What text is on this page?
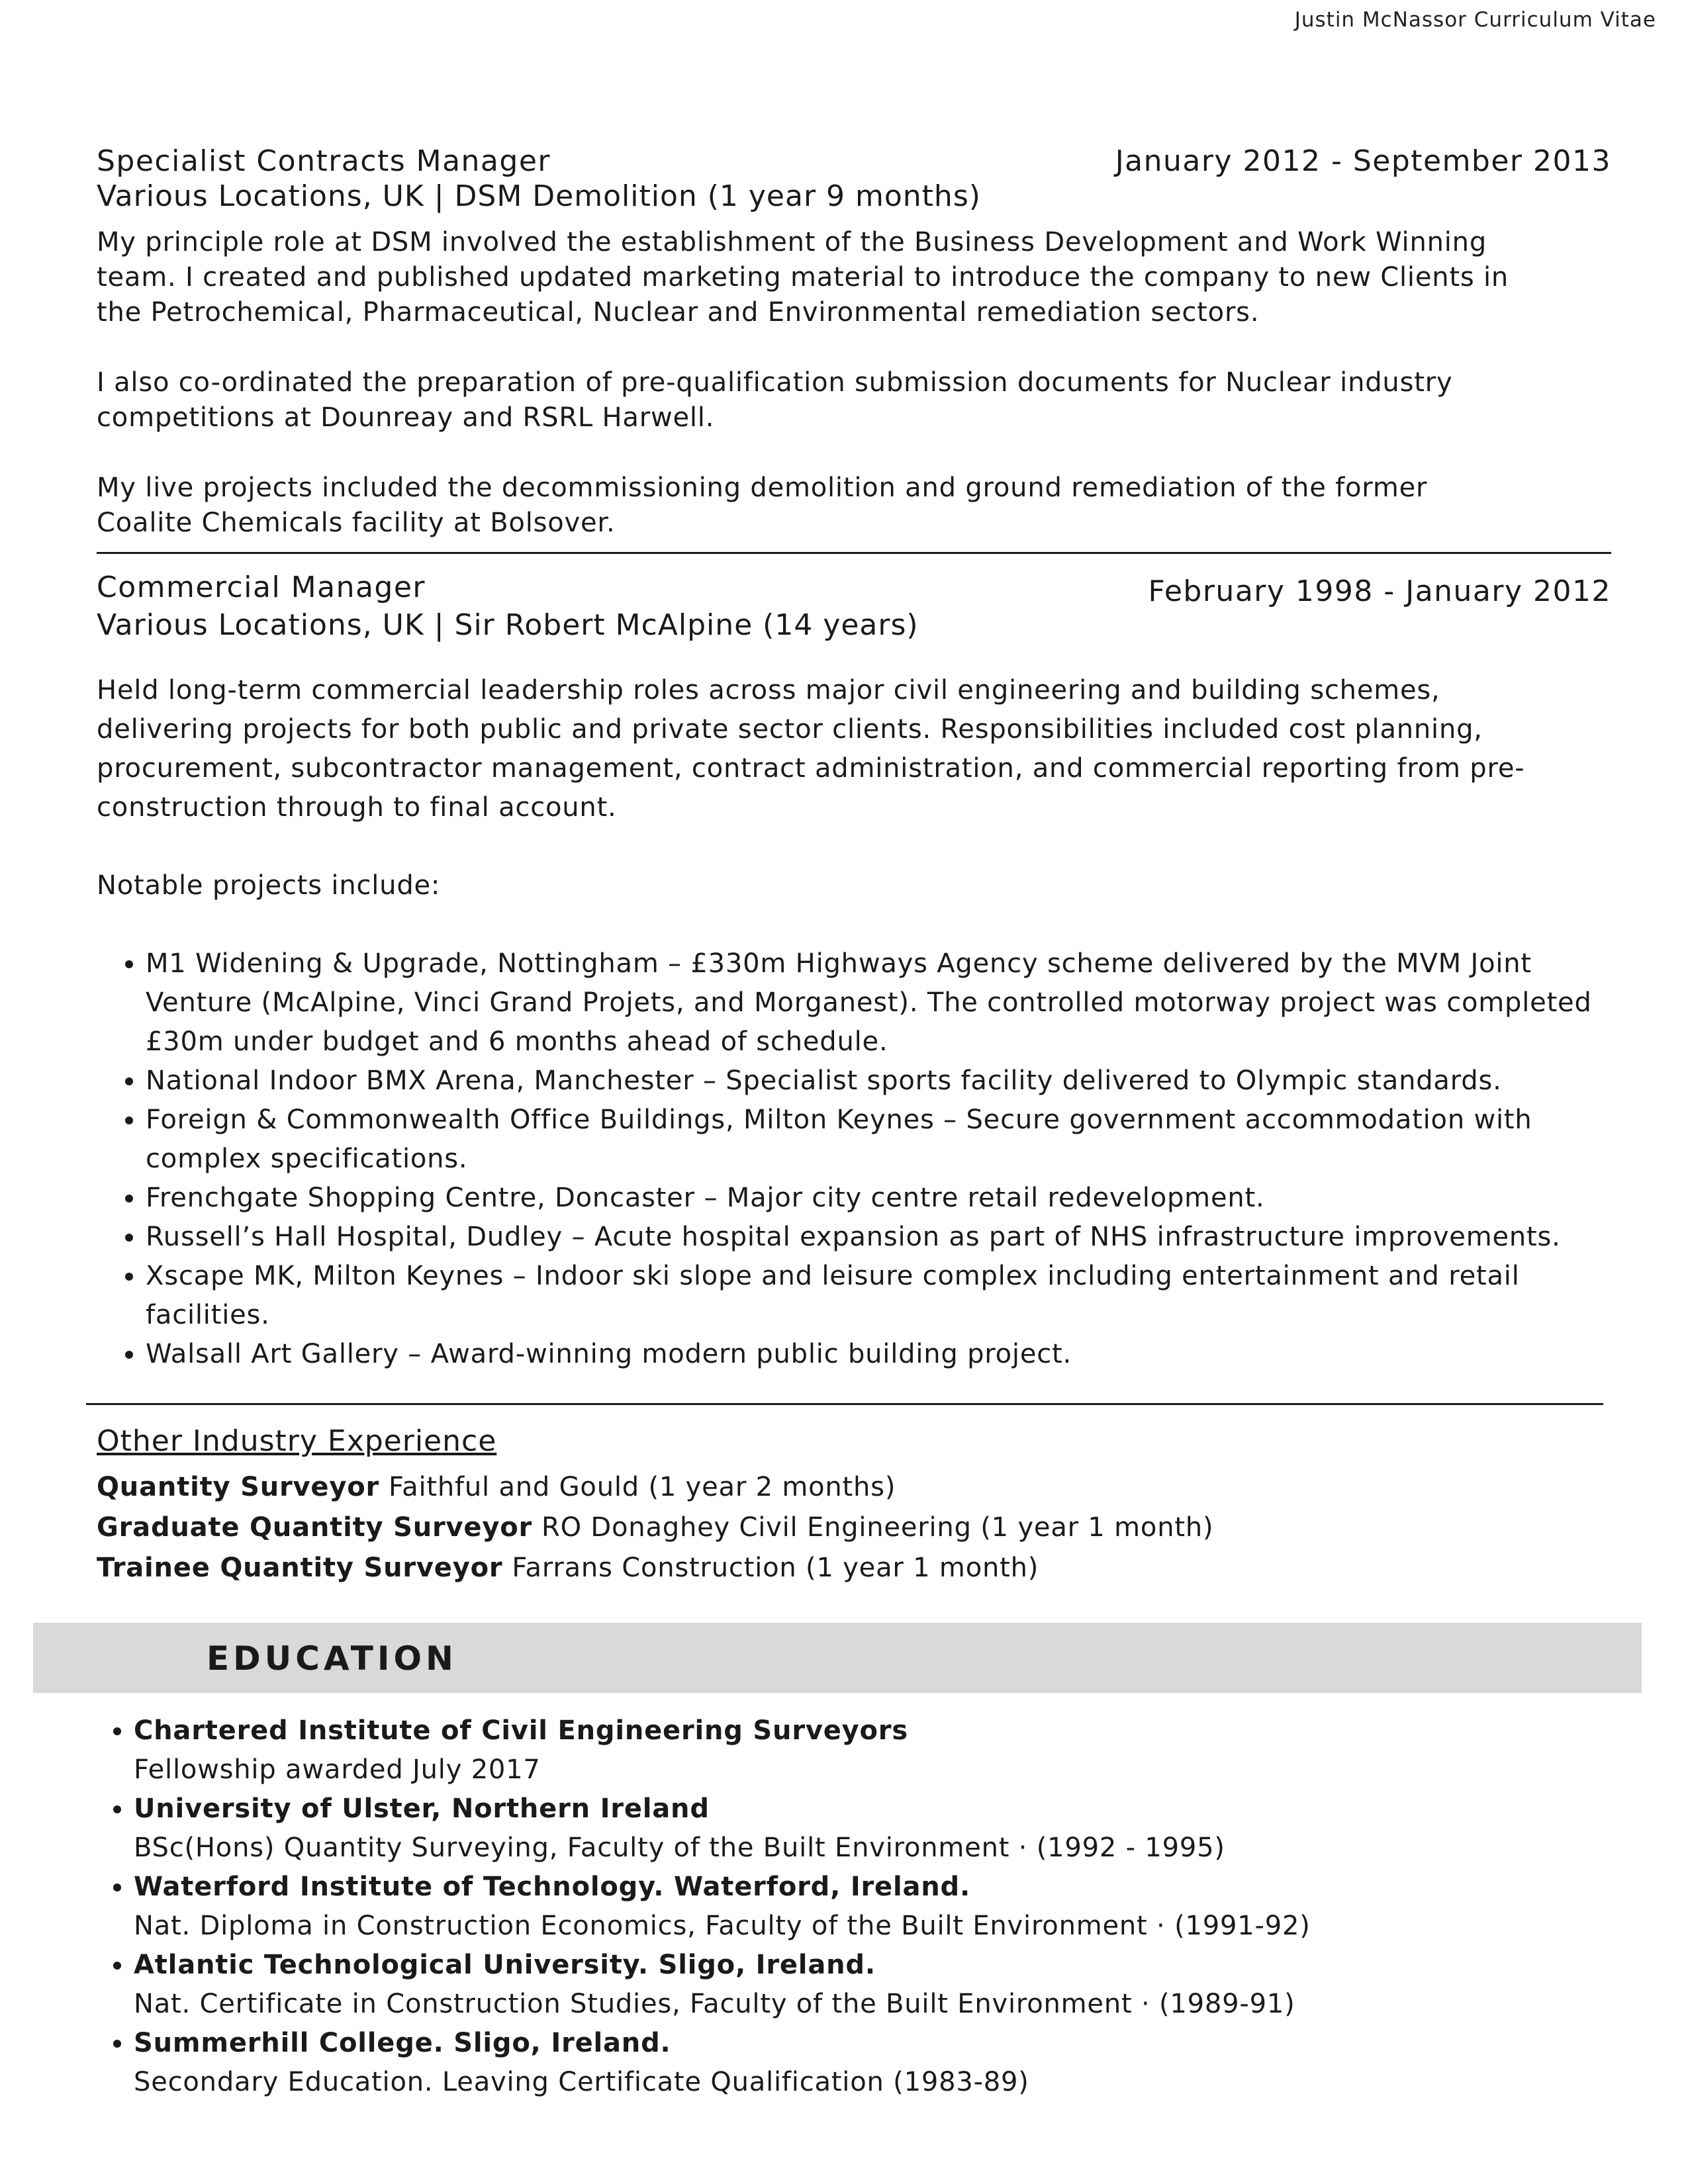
Justin McNassor Curriculum Vitae
Specialist Contracts Manager	January 2012 - September 2013
Various Locations, UK | DSM Demolition (1 year 9 months)

My principle role at DSM involved the establishment of the Business Development and Work Winning team. I created and published updated marketing material to introduce the company to new Clients in the Petrochemical, Pharmaceutical, Nuclear and Environmental remediation sectors.

I also co-ordinated the preparation of pre-qualification submission documents for Nuclear industry competitions at Dounreay and RSRL Harwell.

My live projects included the decommissioning demolition and ground remediation of the former Coalite Chemicals facility at Bolsover.

Commercial Manager	February 1998 - January 2012
Various Locations, UK | Sir Robert McAlpine (14 years)

Held long-term commercial leadership roles across major civil engineering and building schemes, delivering projects for both public and private sector clients. Responsibilities included cost planning, procurement, subcontractor management, contract administration, and commercial reporting from pre-construction through to final account.

Notable projects include:

• M1 Widening & Upgrade, Nottingham – £330m Highways Agency scheme delivered by the MVM Joint Venture (McAlpine, Vinci Grand Projets, and Morganest). The controlled motorway project was completed £30m under budget and 6 months ahead of schedule.
• National Indoor BMX Arena, Manchester – Specialist sports facility delivered to Olympic standards.
• Foreign & Commonwealth Office Buildings, Milton Keynes – Secure government accommodation with complex specifications.
• Frenchgate Shopping Centre, Doncaster – Major city centre retail redevelopment.
• Russell’s Hall Hospital, Dudley – Acute hospital expansion as part of NHS infrastructure improvements.
• Xscape MK, Milton Keynes – Indoor ski slope and leisure complex including entertainment and retail facilities.
• Walsall Art Gallery – Award-winning modern public building project.
Other Industry Experience
Quantity Surveyor Faithful and Gould (1 year 2 months)
Graduate Quantity Surveyor RO Donaghey Civil Engineering (1 year 1 month)
Trainee Quantity Surveyor Farrans Construction (1 year 1 month)
EDUCATION
• Chartered Institute of Civil Engineering Surveyors
Fellowship awarded July 2017
• University of Ulster, Northern Ireland
BSc(Hons) Quantity Surveying, Faculty of the Built Environment · (1992 - 1995)
• Waterford Institute of Technology. Waterford, Ireland.
Nat. Diploma in Construction Economics, Faculty of the Built Environment · (1991-92)
• Atlantic Technological University. Sligo, Ireland.
Nat. Certificate in Construction Studies, Faculty of the Built Environment · (1989-91)
• Summerhill College. Sligo, Ireland.
Secondary Education. Leaving Certificate Qualification (1983-89)
